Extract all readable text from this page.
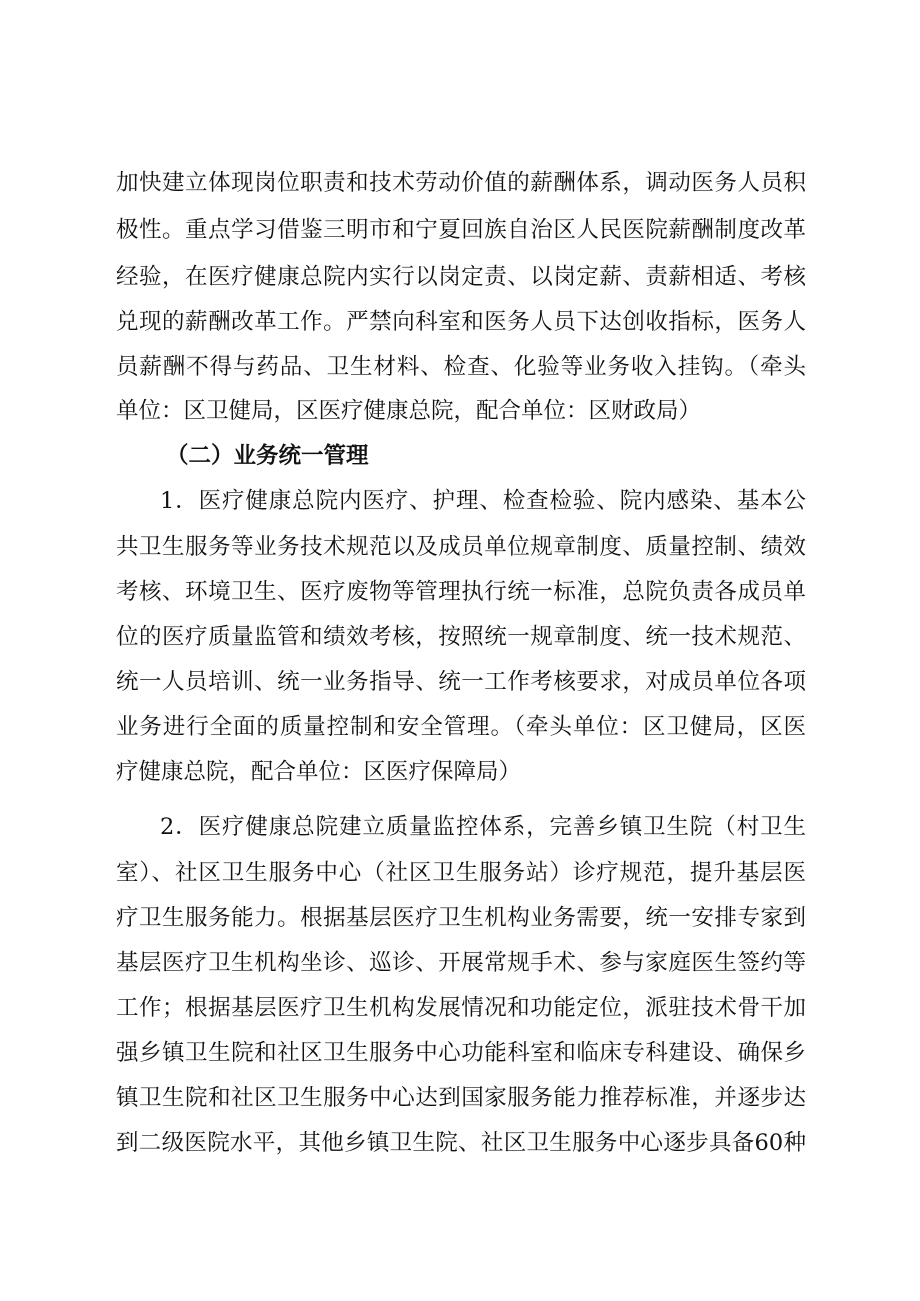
加快建立体现岗位职责和技术劳动价值的薪酬体系，调动医务人员积
极性。重点学习借鉴三明市和宁夏回族自治区人民医院薪酬制度改革
经验，在医疗健康总院内实行以岗定责、以岗定薪、责薪相适、考核
兑现的薪酬改革工作。严禁向科室和医务人员下达创收指标，医务人
员薪酬不得与药品、卫生材料、检查、化验等业务收入挂钩。（牵头
单位：区卫健局，区医疗健康总院，配合单位：区财政局）
（二）业务统一管理
1．医疗健康总院内医疗、护理、检查检验、院内感染、基本公
共卫生服务等业务技术规范以及成员单位规章制度、质量控制、绩效
考核、环境卫生、医疗废物等管理执行统一标准，总院负责各成员单
位的医疗质量监管和绩效考核，按照统一规章制度、统一技术规范、
统一人员培训、统一业务指导、统一工作考核要求，对成员单位各项
业务进行全面的质量控制和安全管理。（牵头单位：区卫健局，区医
疗健康总院，配合单位：区医疗保障局）
2．医疗健康总院建立质量监控体系，完善乡镇卫生院（村卫生
室）、社区卫生服务中心（社区卫生服务站）诊疗规范，提升基层医
疗卫生服务能力。根据基层医疗卫生机构业务需要，统一安排专家到
基层医疗卫生机构坐诊、巡诊、开展常规手术、参与家庭医生签约等
工作；根据基层医疗卫生机构发展情况和功能定位，派驻技术骨干加
强乡镇卫生院和社区卫生服务中心功能科室和临床专科建设、确保乡
镇卫生院和社区卫生服务中心达到国家服务能力推荐标准，并逐步达
到二级医院水平，其他乡镇卫生院、社区卫生服务中心逐步具备60种
